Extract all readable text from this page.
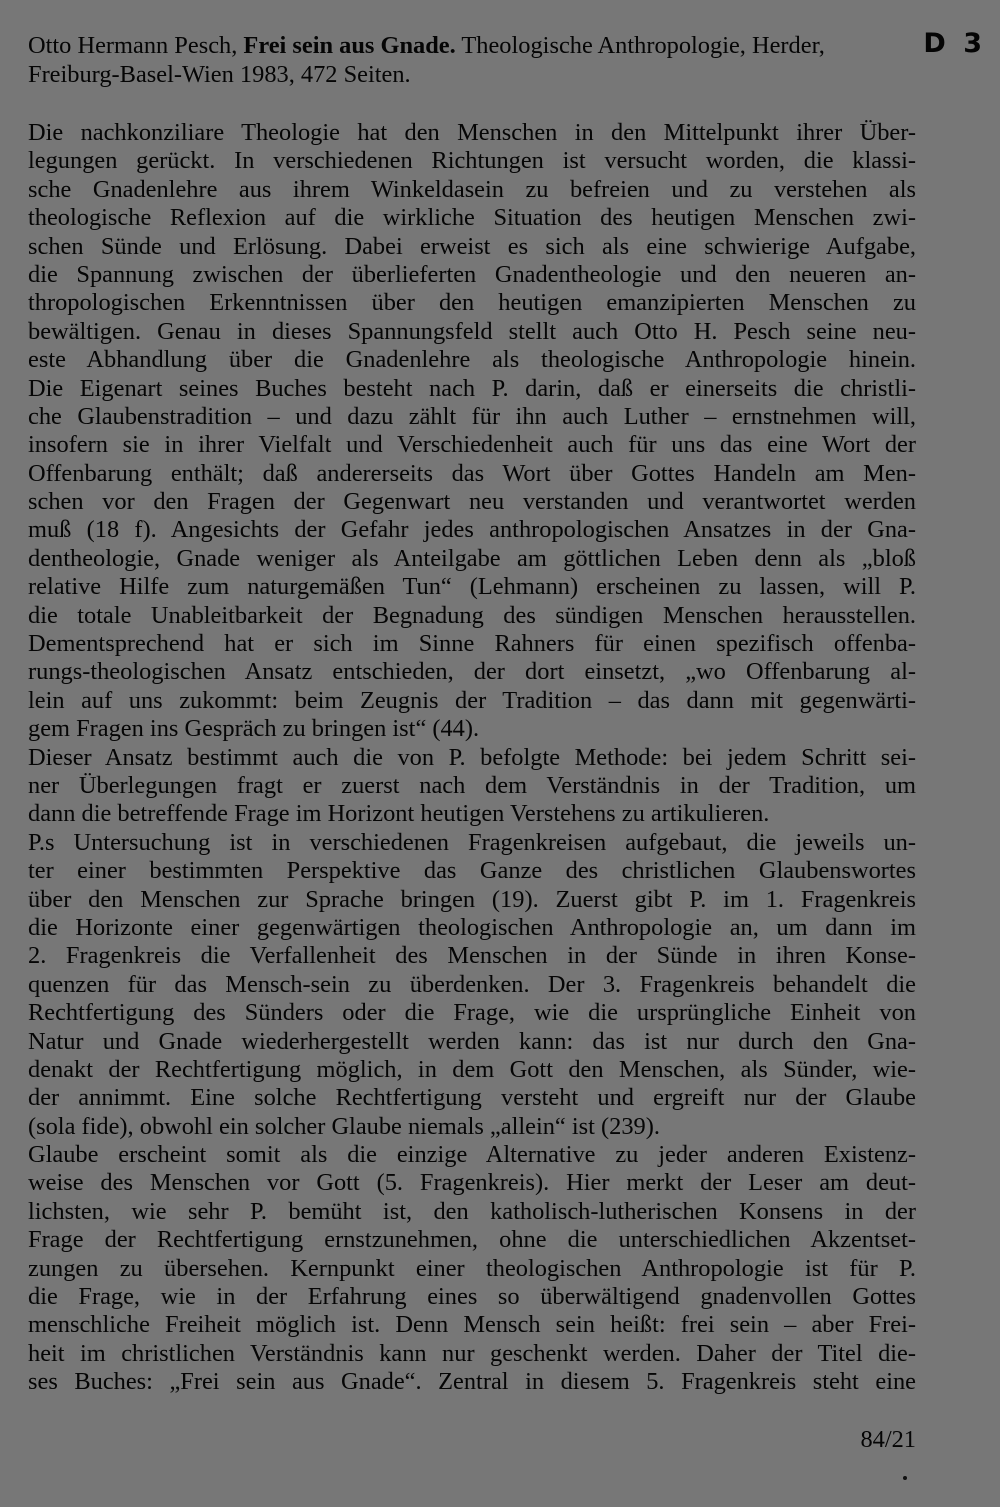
D 3
Otto Hermann Pesch, Frei sein aus Gnade. Theologische Anthropologie, Herder,
Freiburg-Basel-Wien 1983, 472 Seiten.
Die nachkonziliare Theologie hat den Menschen in den Mittelpunkt ihrer Über-
legungen gerückt. In verschiedenen Richtungen ist versucht worden, die klassi-
sche Gnadenlehre aus ihrem Winkeldasein zu befreien und zu verstehen als
theologische Reflexion auf die wirkliche Situation des heutigen Menschen zwi-
schen Sünde und Erlösung. Dabei erweist es sich als eine schwierige Aufgabe,
die Spannung zwischen der überlieferten Gnadentheologie und den neueren an-
thropologischen Erkenntnissen über den heutigen emanzipierten Menschen zu
bewältigen. Genau in dieses Spannungsfeld stellt auch Otto H. Pesch seine neu-
este Abhandlung über die Gnadenlehre als theologische Anthropologie hinein.
Die Eigenart seines Buches besteht nach P. darin, daß er einerseits die christli-
che Glaubenstradition – und dazu zählt für ihn auch Luther – ernstnehmen will,
insofern sie in ihrer Vielfalt und Verschiedenheit auch für uns das eine Wort der
Offenbarung enthält; daß andererseits das Wort über Gottes Handeln am Men-
schen vor den Fragen der Gegenwart neu verstanden und verantwortet werden
muß (18 f). Angesichts der Gefahr jedes anthropologischen Ansatzes in der Gna-
dentheologie, Gnade weniger als Anteilgabe am göttlichen Leben denn als „bloß
relative Hilfe zum naturgemäßen Tun“ (Lehmann) erscheinen zu lassen, will P.
die totale Unableitbarkeit der Begnadung des sündigen Menschen herausstellen.
Dementsprechend hat er sich im Sinne Rahners für einen spezifisch offenba-
rungs-theologischen Ansatz entschieden, der dort einsetzt, „wo Offenbarung al-
lein auf uns zukommt: beim Zeugnis der Tradition – das dann mit gegenwärti-
gem Fragen ins Gespräch zu bringen ist“ (44).
Dieser Ansatz bestimmt auch die von P. befolgte Methode: bei jedem Schritt sei-
ner Überlegungen fragt er zuerst nach dem Verständnis in der Tradition, um
dann die betreffende Frage im Horizont heutigen Verstehens zu artikulieren.
P.s Untersuchung ist in verschiedenen Fragenkreisen aufgebaut, die jeweils un-
ter einer bestimmten Perspektive das Ganze des christlichen Glaubenswortes
über den Menschen zur Sprache bringen (19). Zuerst gibt P. im 1. Fragenkreis
die Horizonte einer gegenwärtigen theologischen Anthropologie an, um dann im
2. Fragenkreis die Verfallenheit des Menschen in der Sünde in ihren Konse-
quenzen für das Mensch-sein zu überdenken. Der 3. Fragenkreis behandelt die
Rechtfertigung des Sünders oder die Frage, wie die ursprüngliche Einheit von
Natur und Gnade wiederhergestellt werden kann: das ist nur durch den Gna-
denakt der Rechtfertigung möglich, in dem Gott den Menschen, als Sünder, wie-
der annimmt. Eine solche Rechtfertigung versteht und ergreift nur der Glaube
(sola fide), obwohl ein solcher Glaube niemals „allein“ ist (239).
Glaube erscheint somit als die einzige Alternative zu jeder anderen Existenz-
weise des Menschen vor Gott (5. Fragenkreis). Hier merkt der Leser am deut-
lichsten, wie sehr P. bemüht ist, den katholisch-lutherischen Konsens in der
Frage der Rechtfertigung ernstzunehmen, ohne die unterschiedlichen Akzentset-
zungen zu übersehen. Kernpunkt einer theologischen Anthropologie ist für P.
die Frage, wie in der Erfahrung eines so überwältigend gnadenvollen Gottes
menschliche Freiheit möglich ist. Denn Mensch sein heißt: frei sein – aber Frei-
heit im christlichen Verständnis kann nur geschenkt werden. Daher der Titel die-
ses Buches: „Frei sein aus Gnade“. Zentral in diesem 5. Fragenkreis steht eine
84/21
